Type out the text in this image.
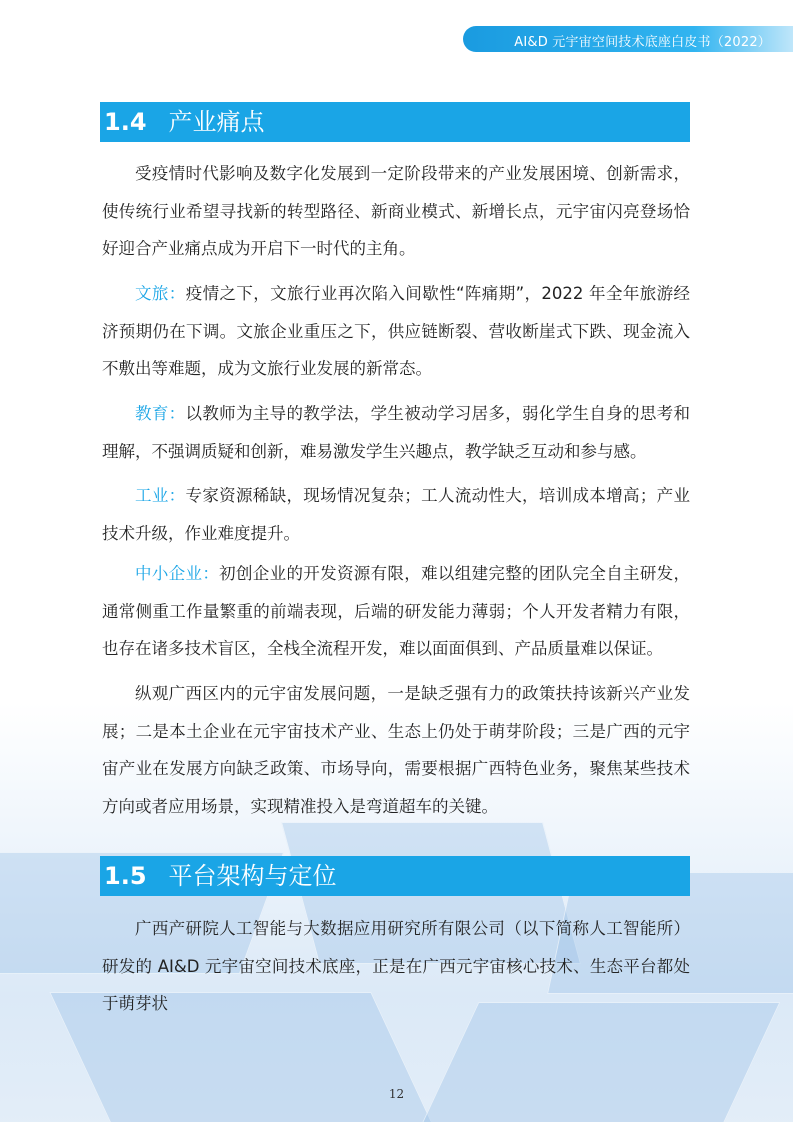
AI&D 元宇宙空间技术底座白皮书（2022）
1.4 产业痛点

受疫情时代影响及数字化发展到一定阶段带来的产业发展困境、创新需求，使传统行业希望寻找新的转型路径、新商业模式、新增长点，元宇宙闪亮登场恰好迎合产业痛点成为开启下一时代的主角。

文旅：疫情之下，文旅行业再次陷入间歇性“阵痛期”，2022 年全年旅游经济预期仍在下调。文旅企业重压之下，供应链断裂、营收断崖式下跌、现金流入不敷出等难题，成为文旅行业发展的新常态。

教育：以教师为主导的教学法，学生被动学习居多，弱化学生自身的思考和理解，不强调质疑和创新，难易激发学生兴趣点，教学缺乏互动和参与感。

工业：专家资源稀缺，现场情况复杂；工人流动性大，培训成本增高；产业技术升级，作业难度提升。

中小企业：初创企业的开发资源有限，难以组建完整的团队完全自主研发，通常侧重工作量繁重的前端表现，后端的研发能力薄弱；个人开发者精力有限，也存在诸多技术盲区，全栈全流程开发，难以面面俱到、产品质量难以保证。

纵观广西区内的元宇宙发展问题，一是缺乏强有力的政策扶持该新兴产业发展；二是本土企业在元宇宙技术产业、生态上仍处于萌芽阶段；三是广西的元宇宙产业在发展方向缺乏政策、市场导向，需要根据广西特色业务，聚焦某些技术方向或者应用场景，实现精准投入是弯道超车的关键。

1.5 平台架构与定位

广西产研院人工智能与大数据应用研究所有限公司（以下简称人工智能所）研发的 AI&D 元宇宙空间技术底座，正是在广西元宇宙核心技术、生态平台都处于萌芽状

12
